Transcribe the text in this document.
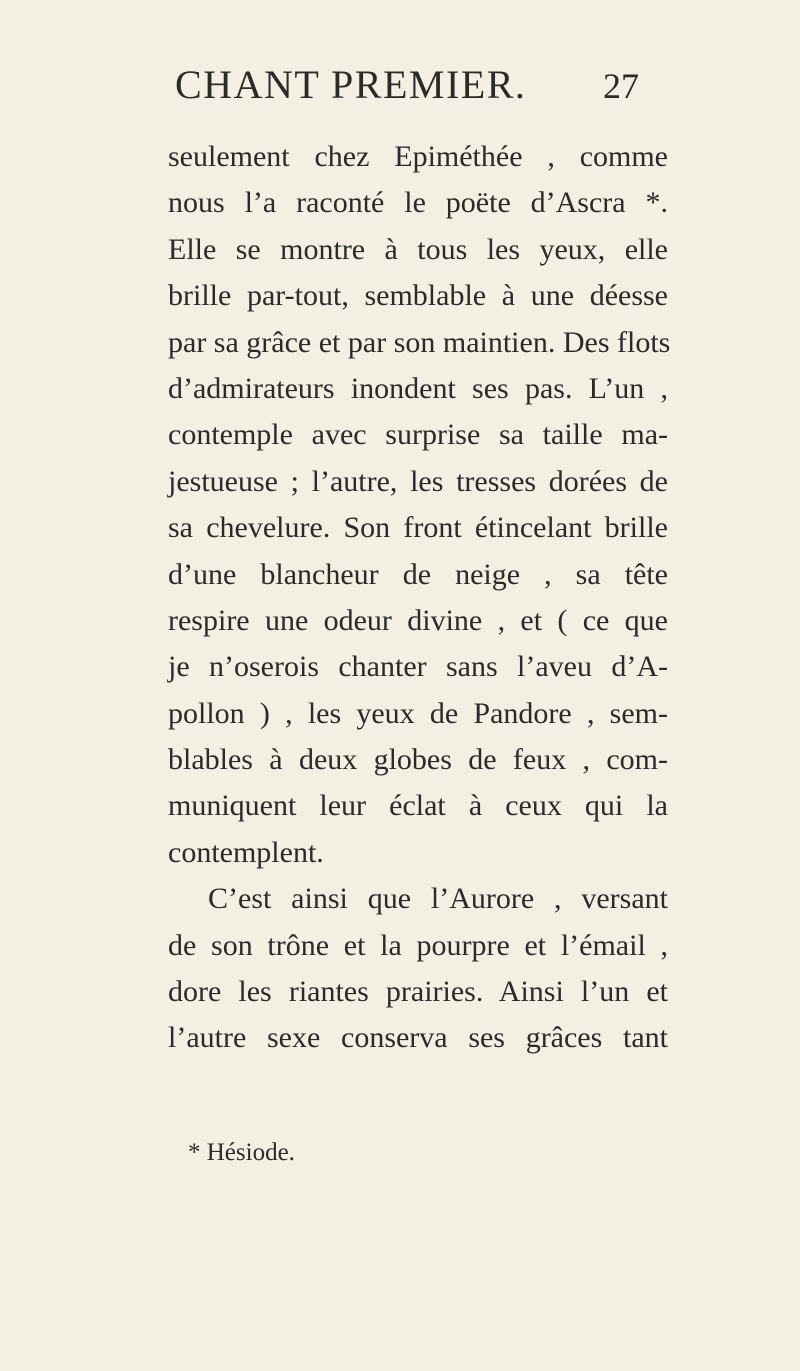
CHANT PREMIER. 27
seulement chez Epiméthée , comme
nous l’a raconté le poëte d’Ascra *.
Elle se montre à tous les yeux, elle
brille par-tout, semblable à une déesse
par sa grâce et par son maintien. Des flots
d’admirateurs inondent ses pas. L’un ,
contemple avec surprise sa taille ma-
jestueuse ; l’autre, les tresses dorées de
sa chevelure. Son front étincelant brille
d’une blancheur de neige , sa tête
respire une odeur divine , et ( ce que
je n’oserois chanter sans l’aveu d’A-
pollon ) , les yeux de Pandore , sem-
blables à deux globes de feux , com-
muniquent leur éclat à ceux qui la
contemplent.
C’est ainsi que l’Aurore , versant
de son trône et la pourpre et l’émail ,
dore les riantes prairies. Ainsi l’un et
l’autre sexe conserva ses grâces tant
* Hésiode.
